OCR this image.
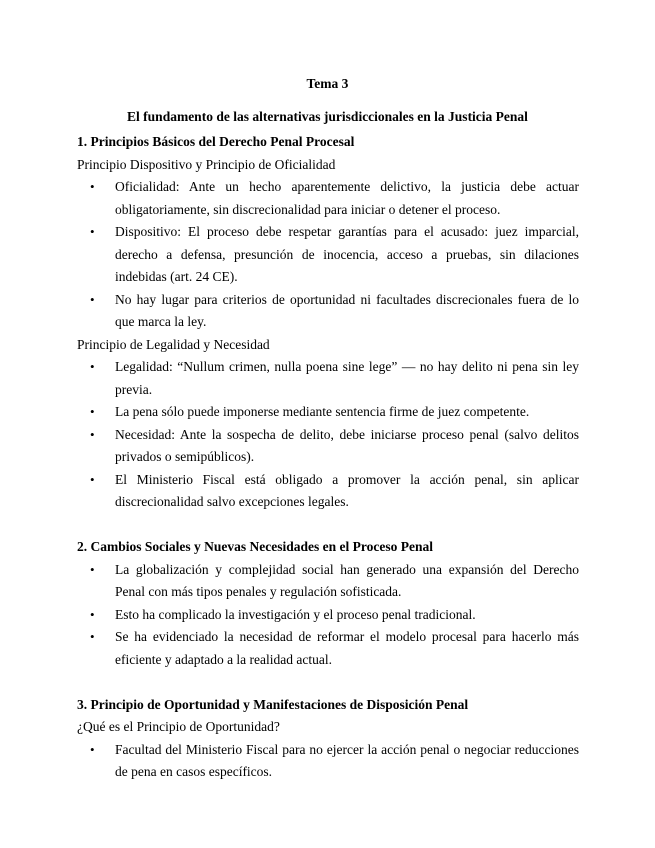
Tema 3
El fundamento de las alternativas jurisdiccionales en la Justicia Penal

1. Principios Básicos del Derecho Penal Procesal

Principio Dispositivo y Principio de Oficialidad

• Oficialidad: Ante un hecho aparentemente delictivo, la justicia debe actuar obligatoriamente, sin discrecionalidad para iniciar o detener el proceso.
• Dispositivo: El proceso debe respetar garantías para el acusado: juez imparcial, derecho a defensa, presunción de inocencia, acceso a pruebas, sin dilaciones indebidas (art. 24 CE).
• No hay lugar para criterios de oportunidad ni facultades discrecionales fuera de lo que marca la ley.

Principio de Legalidad y Necesidad

• Legalidad: “Nullum crimen, nulla poena sine lege” — no hay delito ni pena sin ley previa.
• La pena sólo puede imponerse mediante sentencia firme de juez competente.
• Necesidad: Ante la sospecha de delito, debe iniciarse proceso penal (salvo delitos privados o semipúblicos).
• El Ministerio Fiscal está obligado a promover la acción penal, sin aplicar discrecionalidad salvo excepciones legales.

2. Cambios Sociales y Nuevas Necesidades en el Proceso Penal

• La globalización y complejidad social han generado una expansión del Derecho Penal con más tipos penales y regulación sofisticada.
• Esto ha complicado la investigación y el proceso penal tradicional.
• Se ha evidenciado la necesidad de reformar el modelo procesal para hacerlo más eficiente y adaptado a la realidad actual.

3. Principio de Oportunidad y Manifestaciones de Disposición Penal

¿Qué es el Principio de Oportunidad?

• Facultad del Ministerio Fiscal para no ejercer la acción penal o negociar reducciones de pena en casos específicos.
